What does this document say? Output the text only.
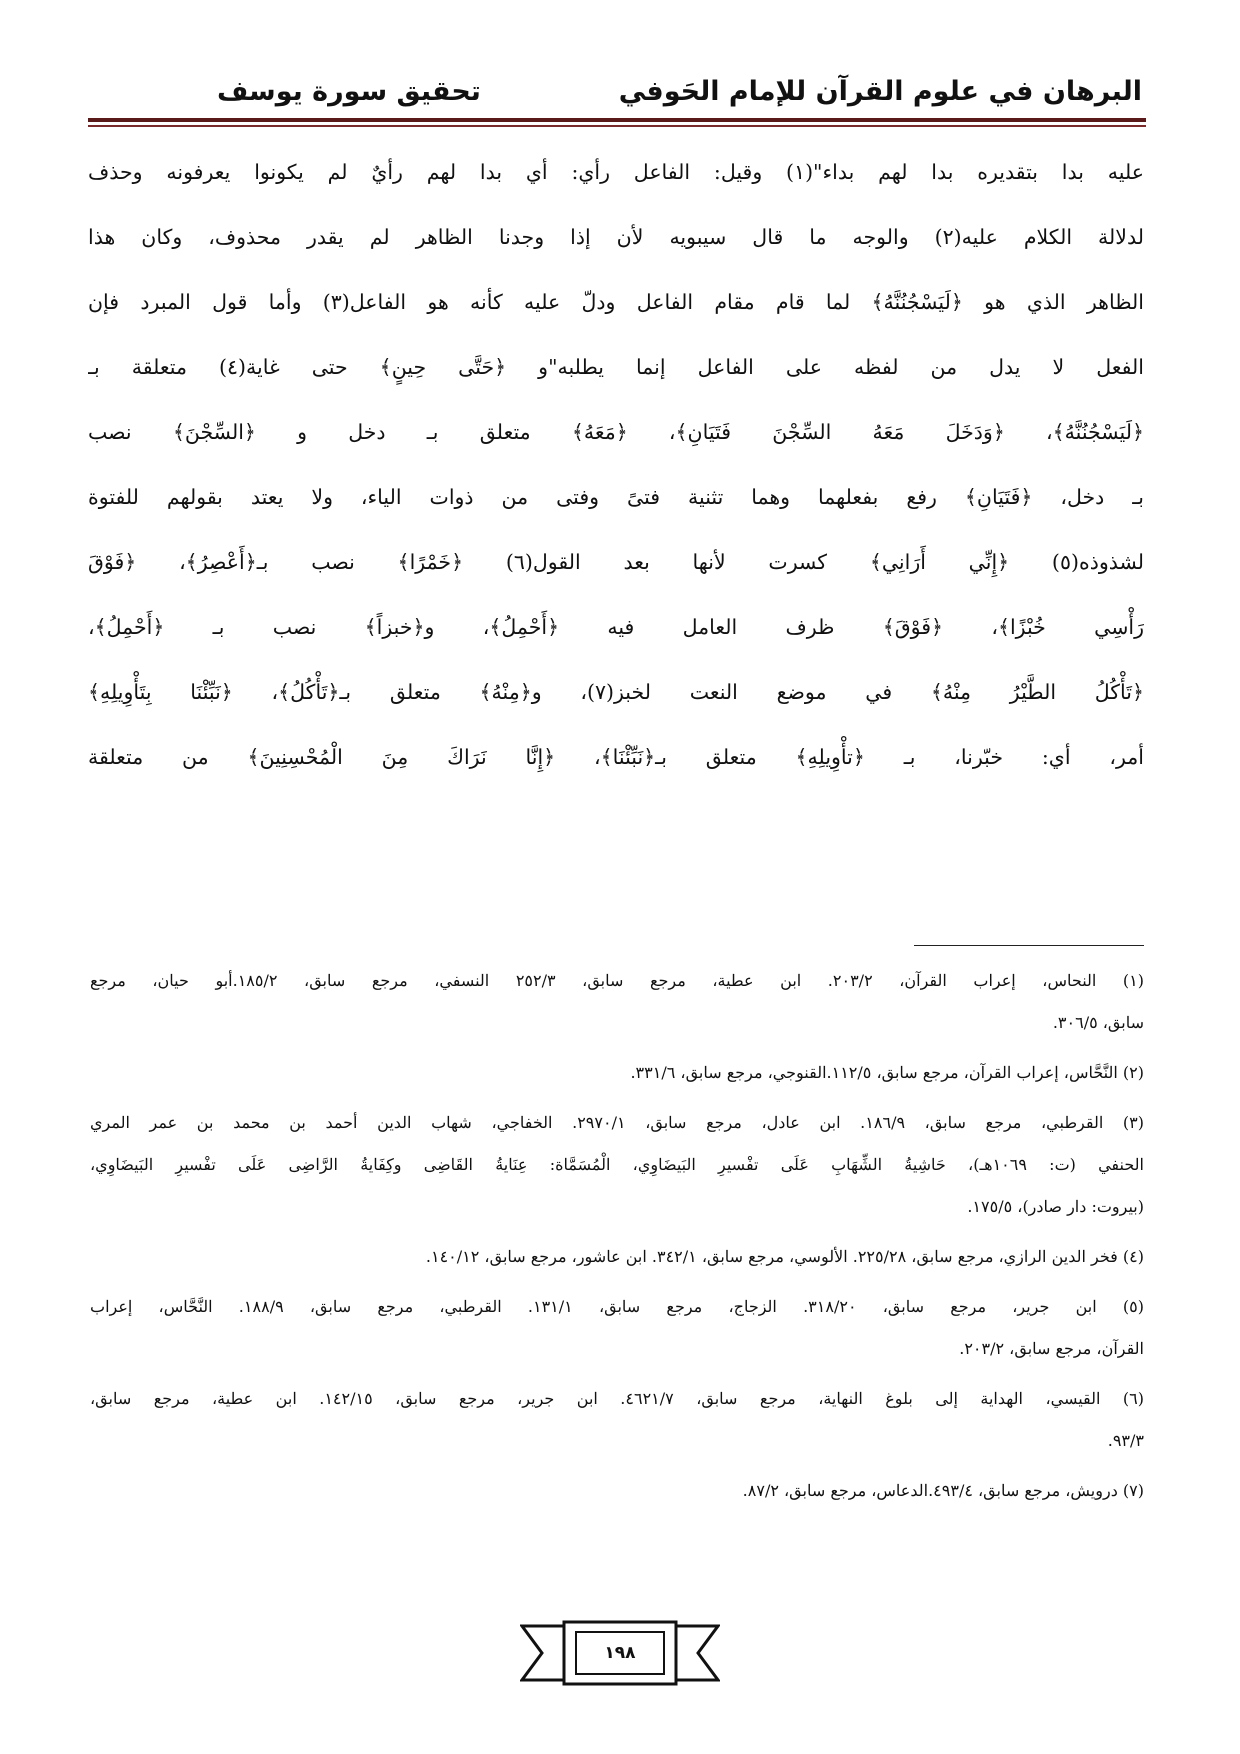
البرهان في علوم القرآن للإمام الحَوفي
تحقيق سورة يوسف
عليه بدا بتقديره بدا لهم بداء"(١) وقيل: الفاعل رأي: أي بدا لهم رأيٌ لم يكونوا يعرفونه وحذف
لدلالة الكلام عليه(٢) والوجه ما قال سيبويه لأن إذا وجدنا الظاهر لم يقدر محذوف، وكان هذا
الظاهر الذي هو ﴿لَيَسْجُنُنَّهُ﴾ لما قام مقام الفاعل ودلّ عليه كأنه هو الفاعل(٣) وأما قول المبرد فإن
الفعل لا يدل من لفظه على الفاعل إنما يطلبه"و ﴿حَتَّى حِينٍ﴾ حتى غاية(٤) متعلقة بـ
﴿لَيَسْجُنُنَّهُ﴾، ﴿وَدَخَلَ مَعَهُ السِّجْنَ فَتَيَانِ﴾، ﴿مَعَهُ﴾ متعلق بـ دخل و ﴿السِّجْنَ﴾ نصب
بـ دخل، ﴿فَتَيَانِ﴾ رفع بفعلهما وهما تثنية فتىً وفتى من ذوات الياء، ولا يعتد بقولهم للفتوة
لشذوذه(٥) ﴿إِنِّي أَرَانِي﴾ كسرت لأنها بعد القول(٦) ﴿خَمْرًا﴾ نصب بـ﴿أَعْصِرُ﴾، ﴿فَوْقَ
رَأْسِي خُبْزًا﴾، ﴿فَوْقَ﴾ ظرف العامل فيه ﴿أَحْمِلُ﴾، و﴿خبزاً﴾ نصب بـ ﴿أَحْمِلُ﴾،
﴿تَأْكُلُ الطَّيْرُ مِنْهُ﴾ في موضع النعت لخبز(٧)، و﴿مِنْهُ﴾ متعلق بـ﴿تَأْكُلُ﴾، ﴿نَبِّئْنَا بِتَأْوِيلِهِ﴾
أمر، أي: خبّرنا، بـ ﴿تأْوِيلِهِ﴾ متعلق بـ﴿نَبِّئْنَا﴾، ﴿إِنَّا نَرَاكَ مِنَ الْمُحْسِنِينَ﴾ من متعلقة
(١) النحاس، إعراب القرآن، ٢٠٣/٢. ابن عطية، مرجع سابق، ٢٥٢/٣ النسفي، مرجع سابق، ١٨٥/٢.أبو حيان، مرجع
سابق، ٣٠٦/٥.
(٢) النَّحَّاس، إعراب القرآن، مرجع سابق، ١١٢/٥.القنوجي، مرجع سابق، ٣٣١/٦.
(٣) القرطبي، مرجع سابق، ١٨٦/٩. ابن عادل، مرجع سابق، ٢٩٧٠/١. الخفاجي، شهاب الدين أحمد بن محمد بن عمر المري
الحنفي (ت: ١٠٦٩هـ)، حَاشِيةُ الشِّهَابِ عَلَى تفْسيرِ البَيضَاوِي، الْمُسَمَّاة: عِنَايةُ القَاضِى وكِفَايةُ الرَّاضِى عَلَى تفْسيرِ البَيضَاوِي،
(بيروت: دار صادر)، ١٧٥/٥.
(٤) فخر الدين الرازي، مرجع سابق، ٢٢٥/٢٨. الألوسي، مرجع سابق، ٣٤٢/١. ابن عاشور، مرجع سابق، ١٤٠/١٢.
(٥) ابن جرير، مرجع سابق، ٣١٨/٢٠. الزجاج، مرجع سابق، ١٣١/١. القرطبي، مرجع سابق، ١٨٨/٩. النَّحَّاس، إعراب
القرآن، مرجع سابق، ٢٠٣/٢.
(٦) القيسي، الهداية إلى بلوغ النهاية، مرجع سابق، ٤٦٢١/٧. ابن جرير، مرجع سابق، ١٤٢/١٥. ابن عطية، مرجع سابق،
٩٣/٣.
(٧) درويش، مرجع سابق، ٤٩٣/٤.الدعاس، مرجع سابق، ٨٧/٢.
١٩٨
